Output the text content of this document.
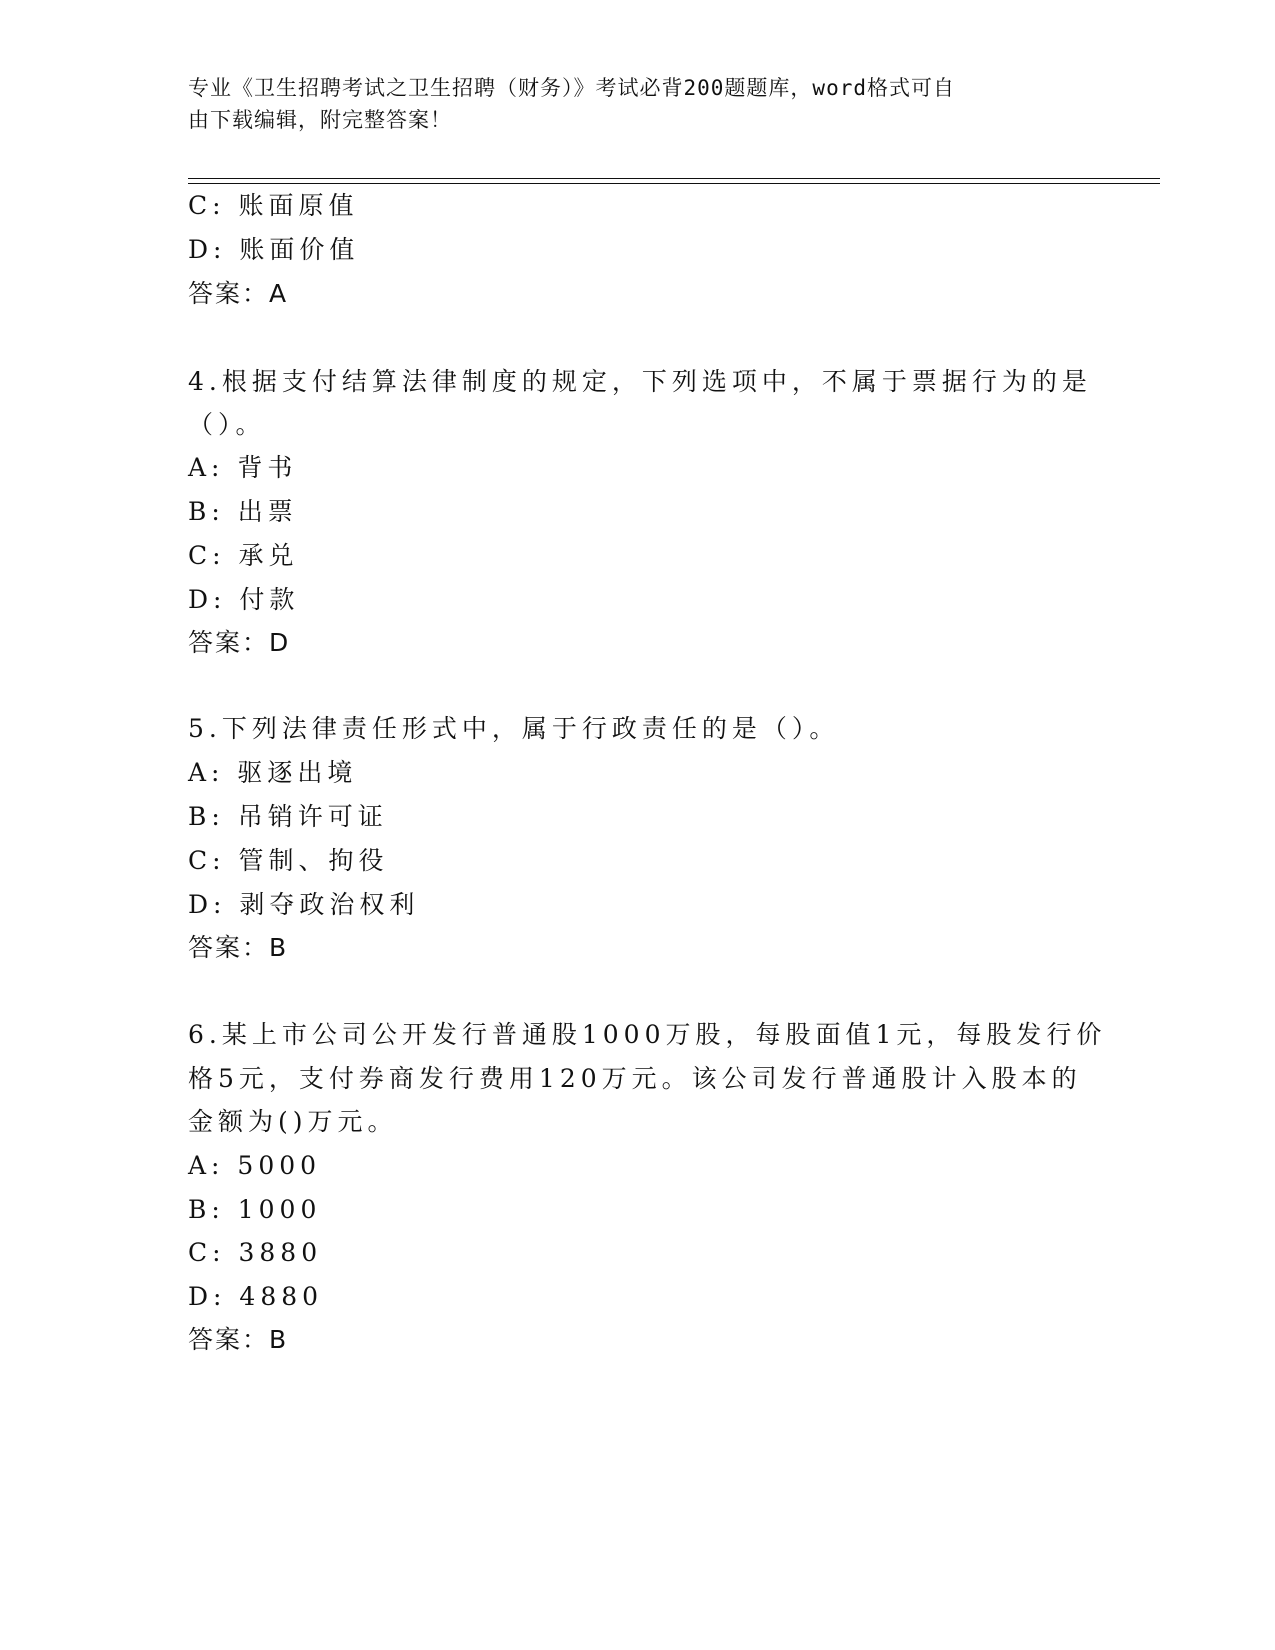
专业《卫生招聘考试之卫生招聘（财务）》考试必背200题题库，word格式可自
由下载编辑，附完整答案！
C: 账面原值
D: 账面价值
答案：A
4.根据支付结算法律制度的规定，下列选项中，不属于票据行为的是
（）。
A: 背书
B: 出票
C: 承兑
D: 付款
答案：D
5.下列法律责任形式中，属于行政责任的是（）。
A: 驱逐出境
B: 吊销许可证
C: 管制、拘役
D: 剥夺政治权利
答案：B
6.某上市公司公开发行普通股1000万股，每股面值1元，每股发行价
格5元，支付券商发行费用120万元。该公司发行普通股计入股本的
金额为()万元。
A: 5000
B: 1000
C: 3880
D: 4880
答案：B
